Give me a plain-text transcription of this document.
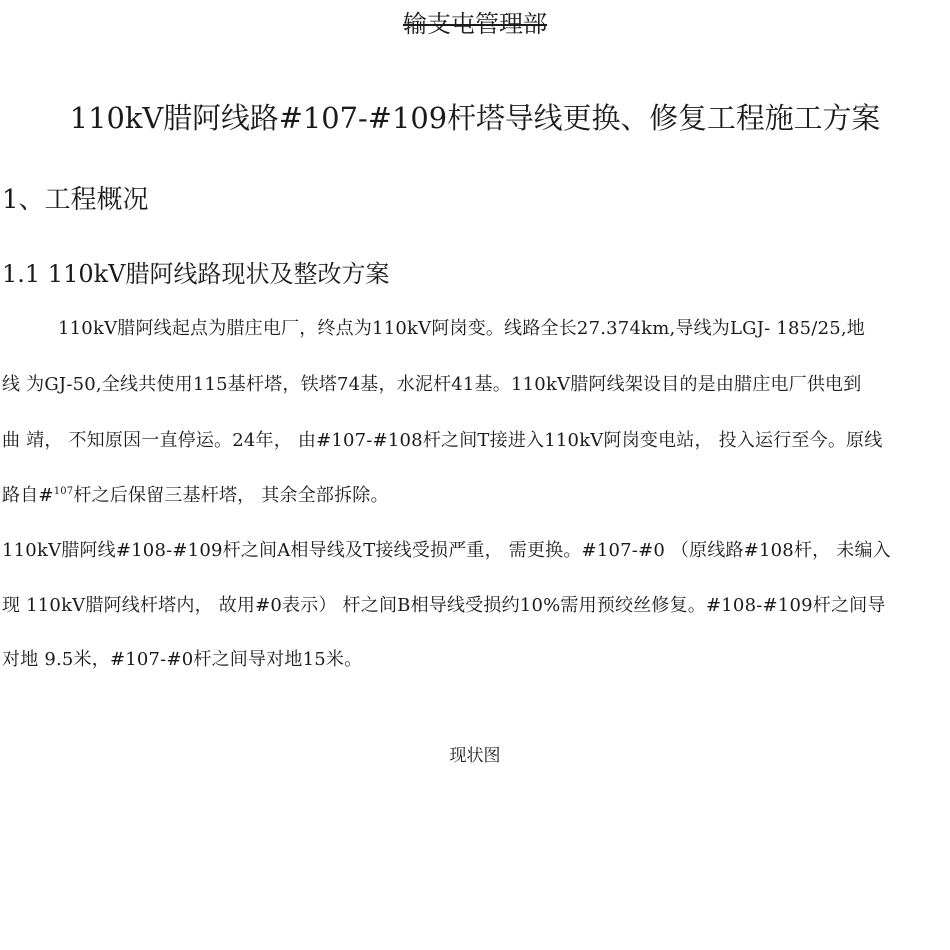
输支屯管理部
110kV腊阿线路#107-#109杆塔导线更换、修复工程施工方案
1、工程概况
1.1 110kV腊阿线路现状及整改方案
110kV腊阿线起点为腊庄电厂，终点为110kV阿岗变。线路全长27.374km,导线为LGJ- 185/25,地
线 为GJ-50,全线共使用115基杆塔，铁塔74基，水泥杆41基。110kV腊阿线架设目的是由腊庄电厂供电到
曲 靖， 不知原因一直停运。24年， 由#107-#108杆之间T接进入110kV阿岗变电站， 投入运行至今。原线
路自#$^{107}$杆之后保留三基杆塔， 其余全部拆除。
110kV腊阿线#108-#109杆之间A相导线及T接线受损严重， 需更换。#107-#0 （原线路#108杆， 未编入
现 110kV腊阿线杆塔内， 故用#0表示） 杆之间B相导线受损约10%需用预绞丝修复。#108-#109杆之间导
对地 9.5米，#107-#0杆之间导对地15米。
现状图
